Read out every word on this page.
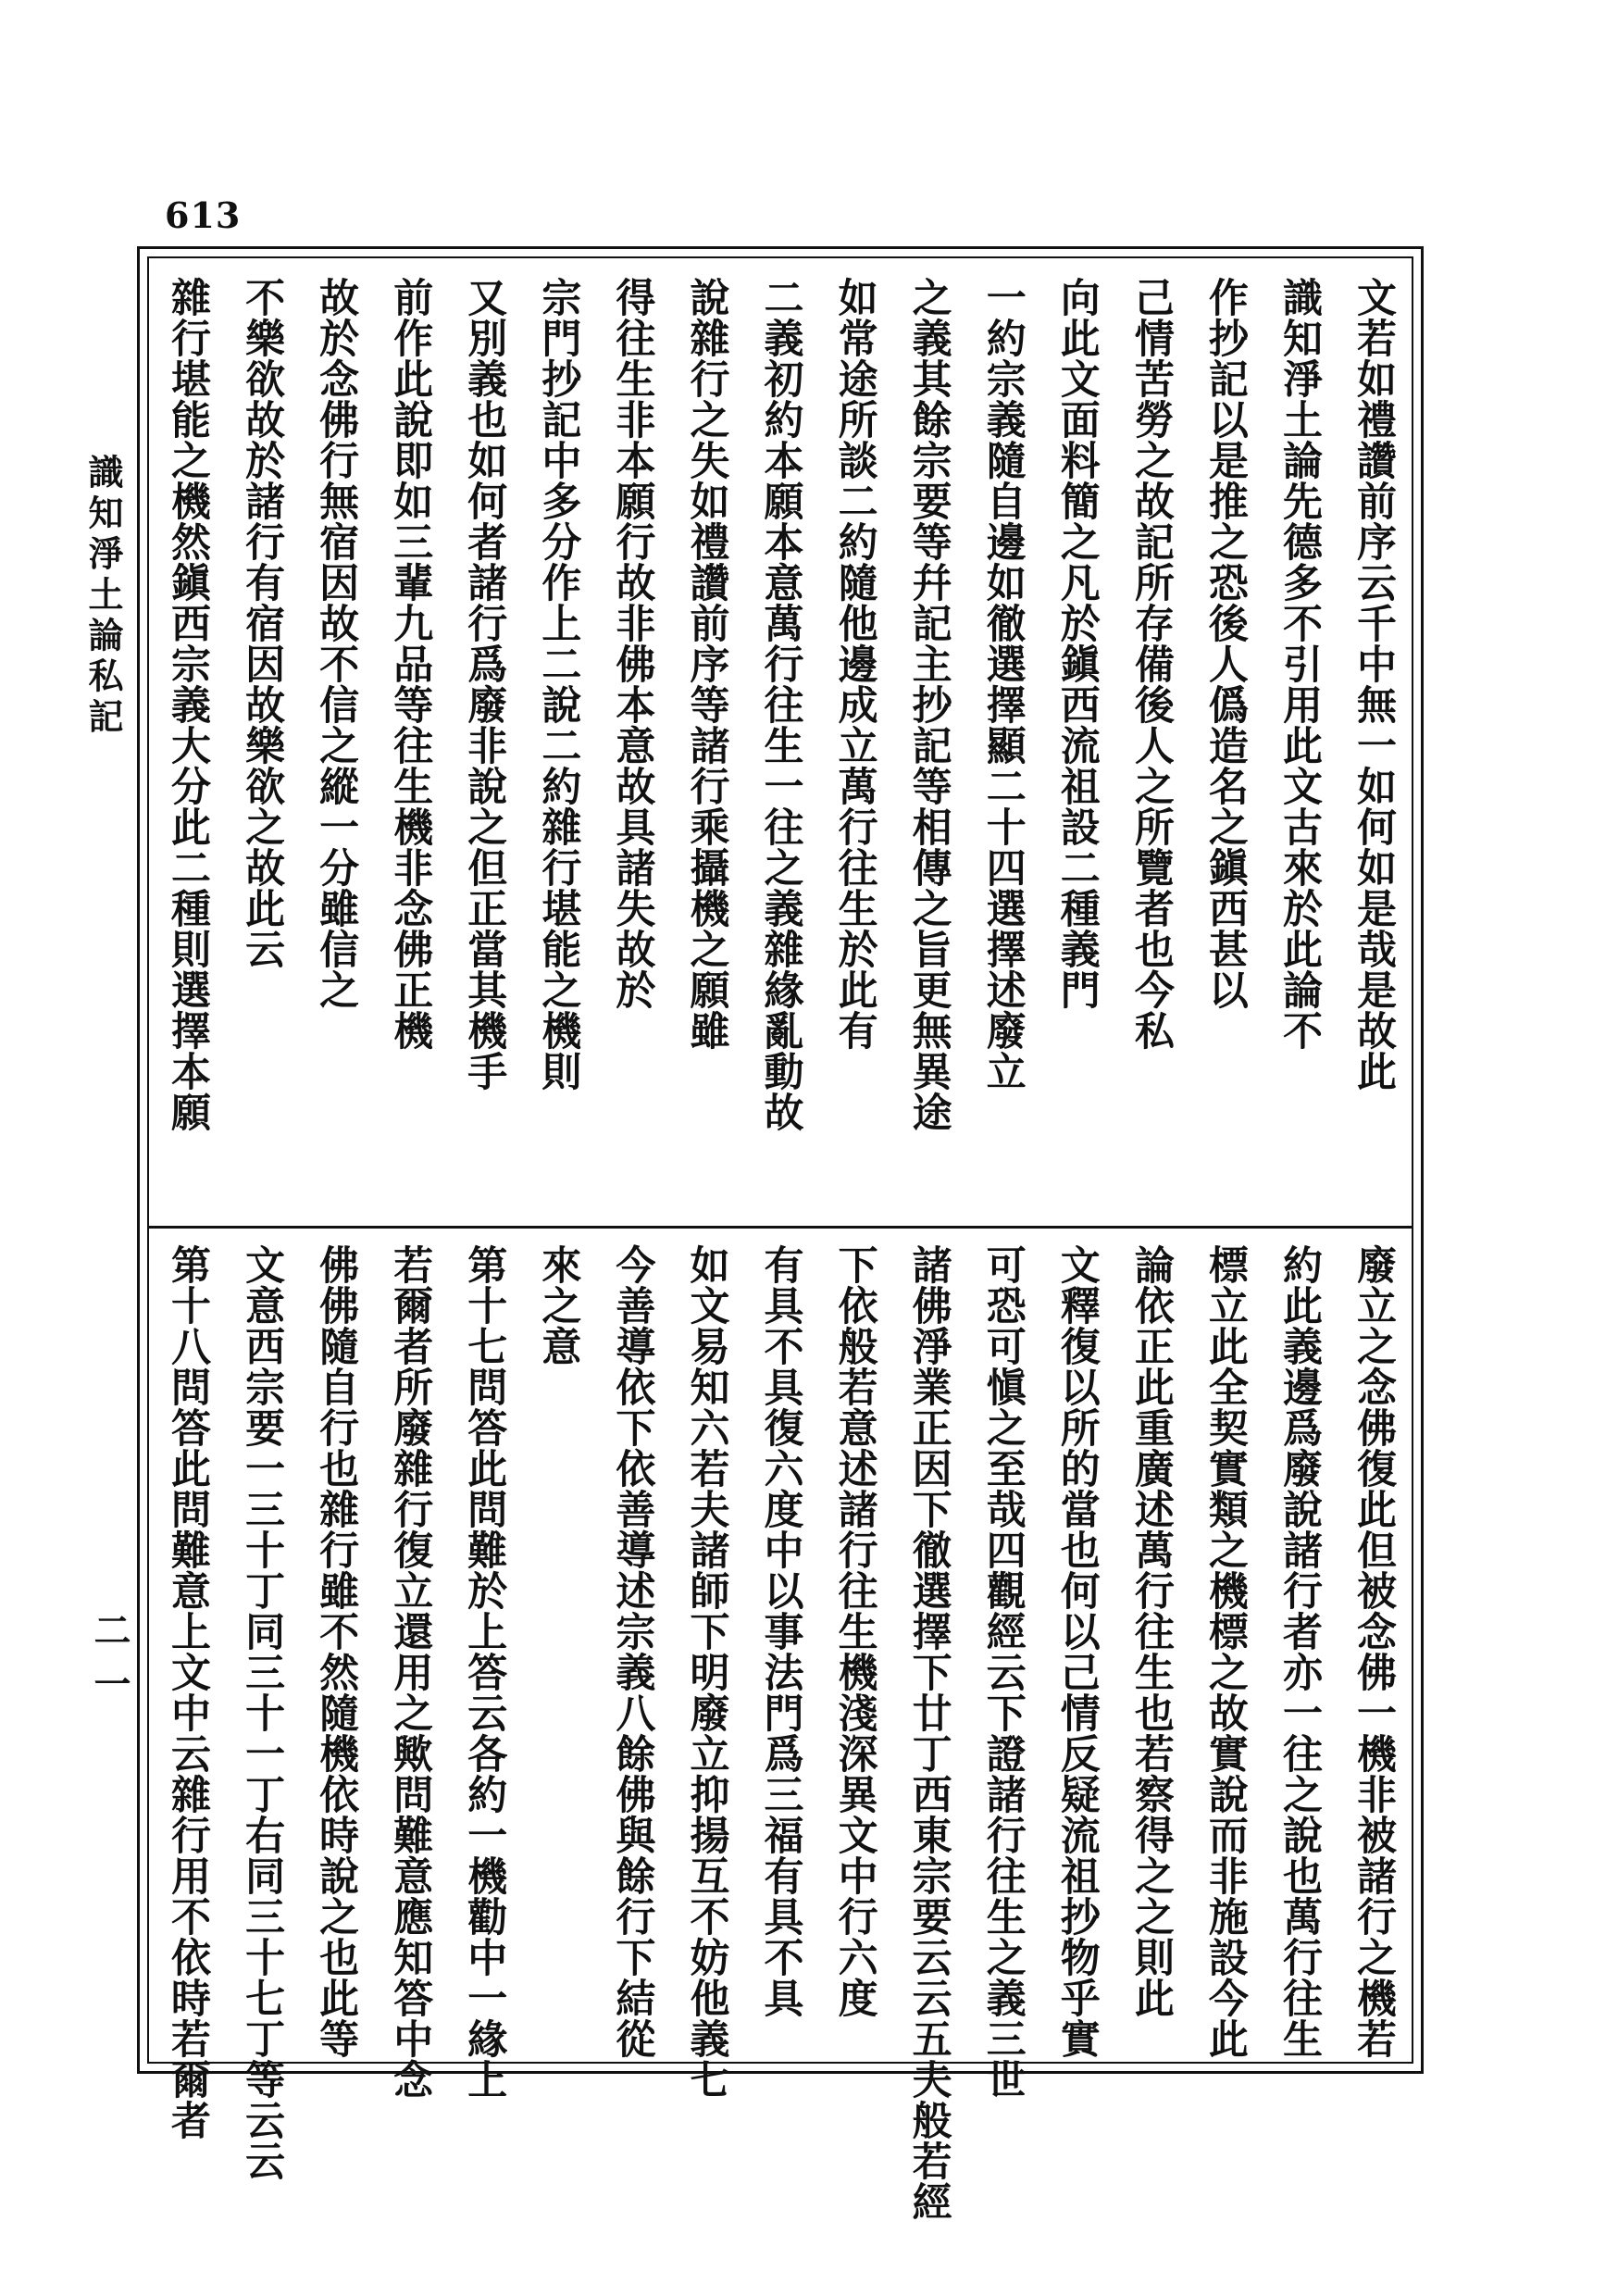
613
識知淨土論私記
二一
文若如禮讚前序云千中無一如何如是哉是故此
識知淨土論先德多不引用此文古來於此論不
作抄記以是推之恐後人僞造名之鎭西甚以
己情苦勞之故記所存備後人之所覽者也今私
向此文面料簡之凡於鎭西流祖設二種義門
一約宗義隨自邊如徹選擇顯二十四選擇述廢立
之義其餘宗要等幷記主抄記等相傳之旨更無異途
如常途所談二約隨他邊成立萬行往生於此有
二義初約本願本意萬行往生一往之義雜緣亂動故
說雜行之失如禮讚前序等諸行乘攝機之願雖
得往生非本願行故非佛本意故具諸失故於
宗門抄記中多分作上二說二約雜行堪能之機則
又別義也如何者諸行爲廢非說之但正當其機手
前作此說即如三輩九品等往生機非念佛正機
故於念佛行無宿因故不信之縱一分雖信之
不樂欲故於諸行有宿因故樂欲之故此云
雜行堪能之機然鎭西宗義大分此二種則選擇本願
廢立之念佛復此但被念佛一機非被諸行之機若
約此義邊爲廢說諸行者亦一往之說也萬行往生
標立此全契實類之機標之故實說而非施設今此
論依正此重廣述萬行往生也若察得之之則此
文釋復以所的當也何以己情反疑流祖抄物乎實
可恐可愼之至哉四觀經云下證諸行往生之義三世
諸佛淨業正因下徹選擇下廿丁西東宗要云云五夫般若經
下依般若意述諸行往生機淺深異文中行六度
有具不具復六度中以事法門爲三福有具不具
如文易知六若夫諸師下明廢立抑揚互不妨他義七
今善導依下依善導述宗義八餘佛與餘行下結從
來之意
第十七問答此問難於上答云各約一機勸中一緣上
若爾者所廢雜行復立還用之歟問難意應知答中念
佛佛隨自行也雜行雖不然隨機依時說之也此等
文意西宗要一三十丁同三十一丁右同三十七丁等云云
第十八問答此問難意上文中云雜行用不依時若爾者
